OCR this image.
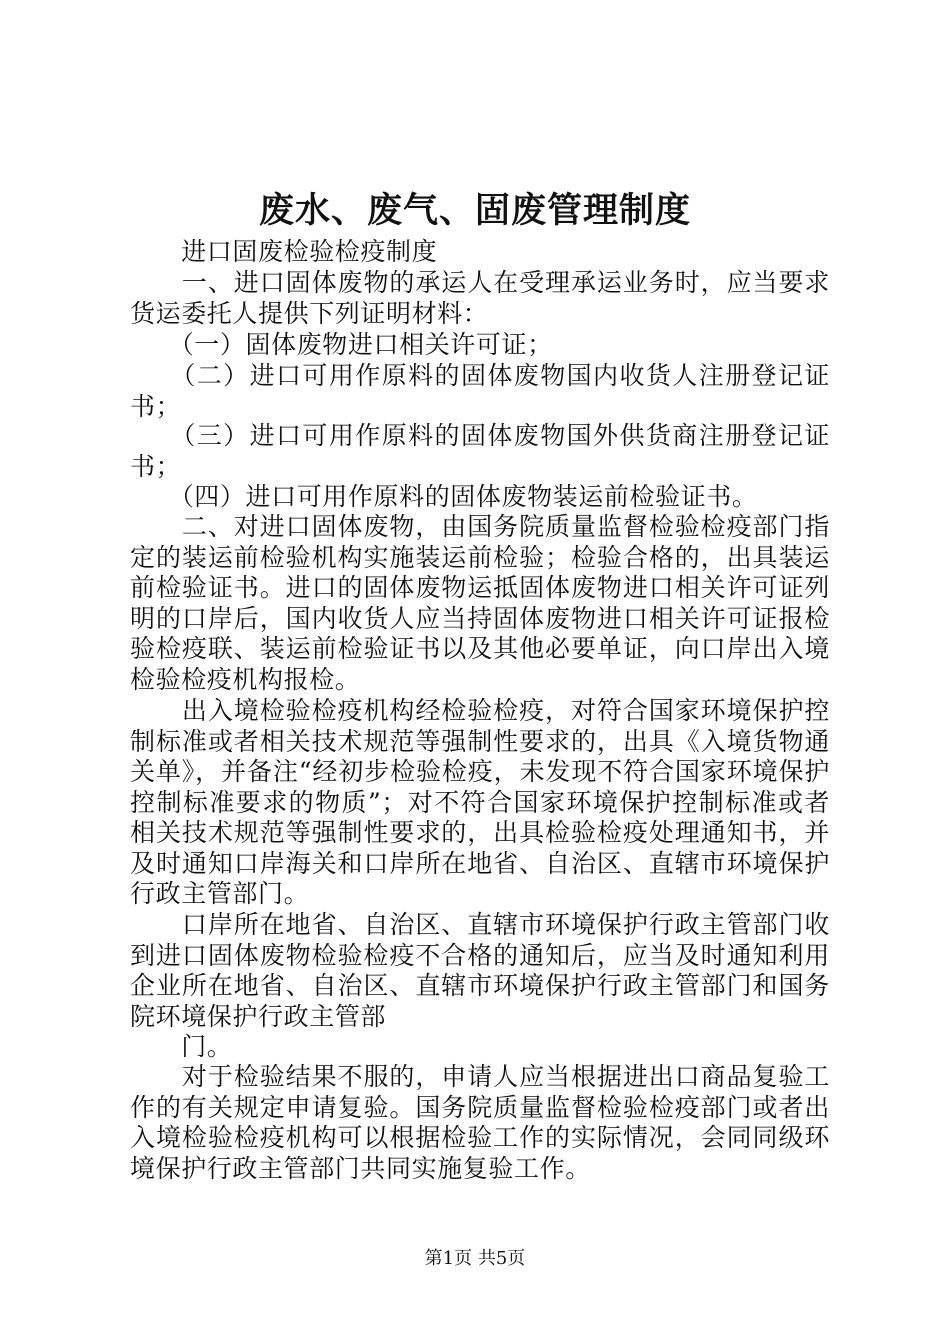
废水、废气、固废管理制度

　　进口固废检验检疫制度

　　一、进口固体废物的承运人在受理承运业务时，应当要求货运委托人提供下列证明材料：

　　（一）固体废物进口相关许可证；

　　（二）进口可用作原料的固体废物国内收货人注册登记证书；

　　（三）进口可用作原料的固体废物国外供货商注册登记证书；

　　（四）进口可用作原料的固体废物装运前检验证书。

　　二、对进口固体废物，由国务院质量监督检验检疫部门指定的装运前检验机构实施装运前检验；检验合格的，出具装运前检验证书。进口的固体废物运抵固体废物进口相关许可证列明的口岸后，国内收货人应当持固体废物进口相关许可证报检验检疫联、装运前检验证书以及其他必要单证，向口岸出入境检验检疫机构报检。

　　出入境检验检疫机构经检验检疫，对符合国家环境保护控制标准或者相关技术规范等强制性要求的，出具《入境货物通关单》，并备注“经初步检验检疫，未发现不符合国家环境保护控制标准要求的物质”；对不符合国家环境保护控制标准或者相关技术规范等强制性要求的，出具检验检疫处理通知书，并及时通知口岸海关和口岸所在地省、自治区、直辖市环境保护行政主管部门。

　　口岸所在地省、自治区、直辖市环境保护行政主管部门收到进口固体废物检验检疫不合格的通知后，应当及时通知利用企业所在地省、自治区、直辖市环境保护行政主管部门和国务院环境保护行政主管部

　　门。

　　对于检验结果不服的，申请人应当根据进出口商品复验工作的有关规定申请复验。国务院质量监督检验检疫部门或者出入境检验检疫机构可以根据检验工作的实际情况，会同同级环境保护行政主管部门共同实施复验工作。

第1页 共5页
